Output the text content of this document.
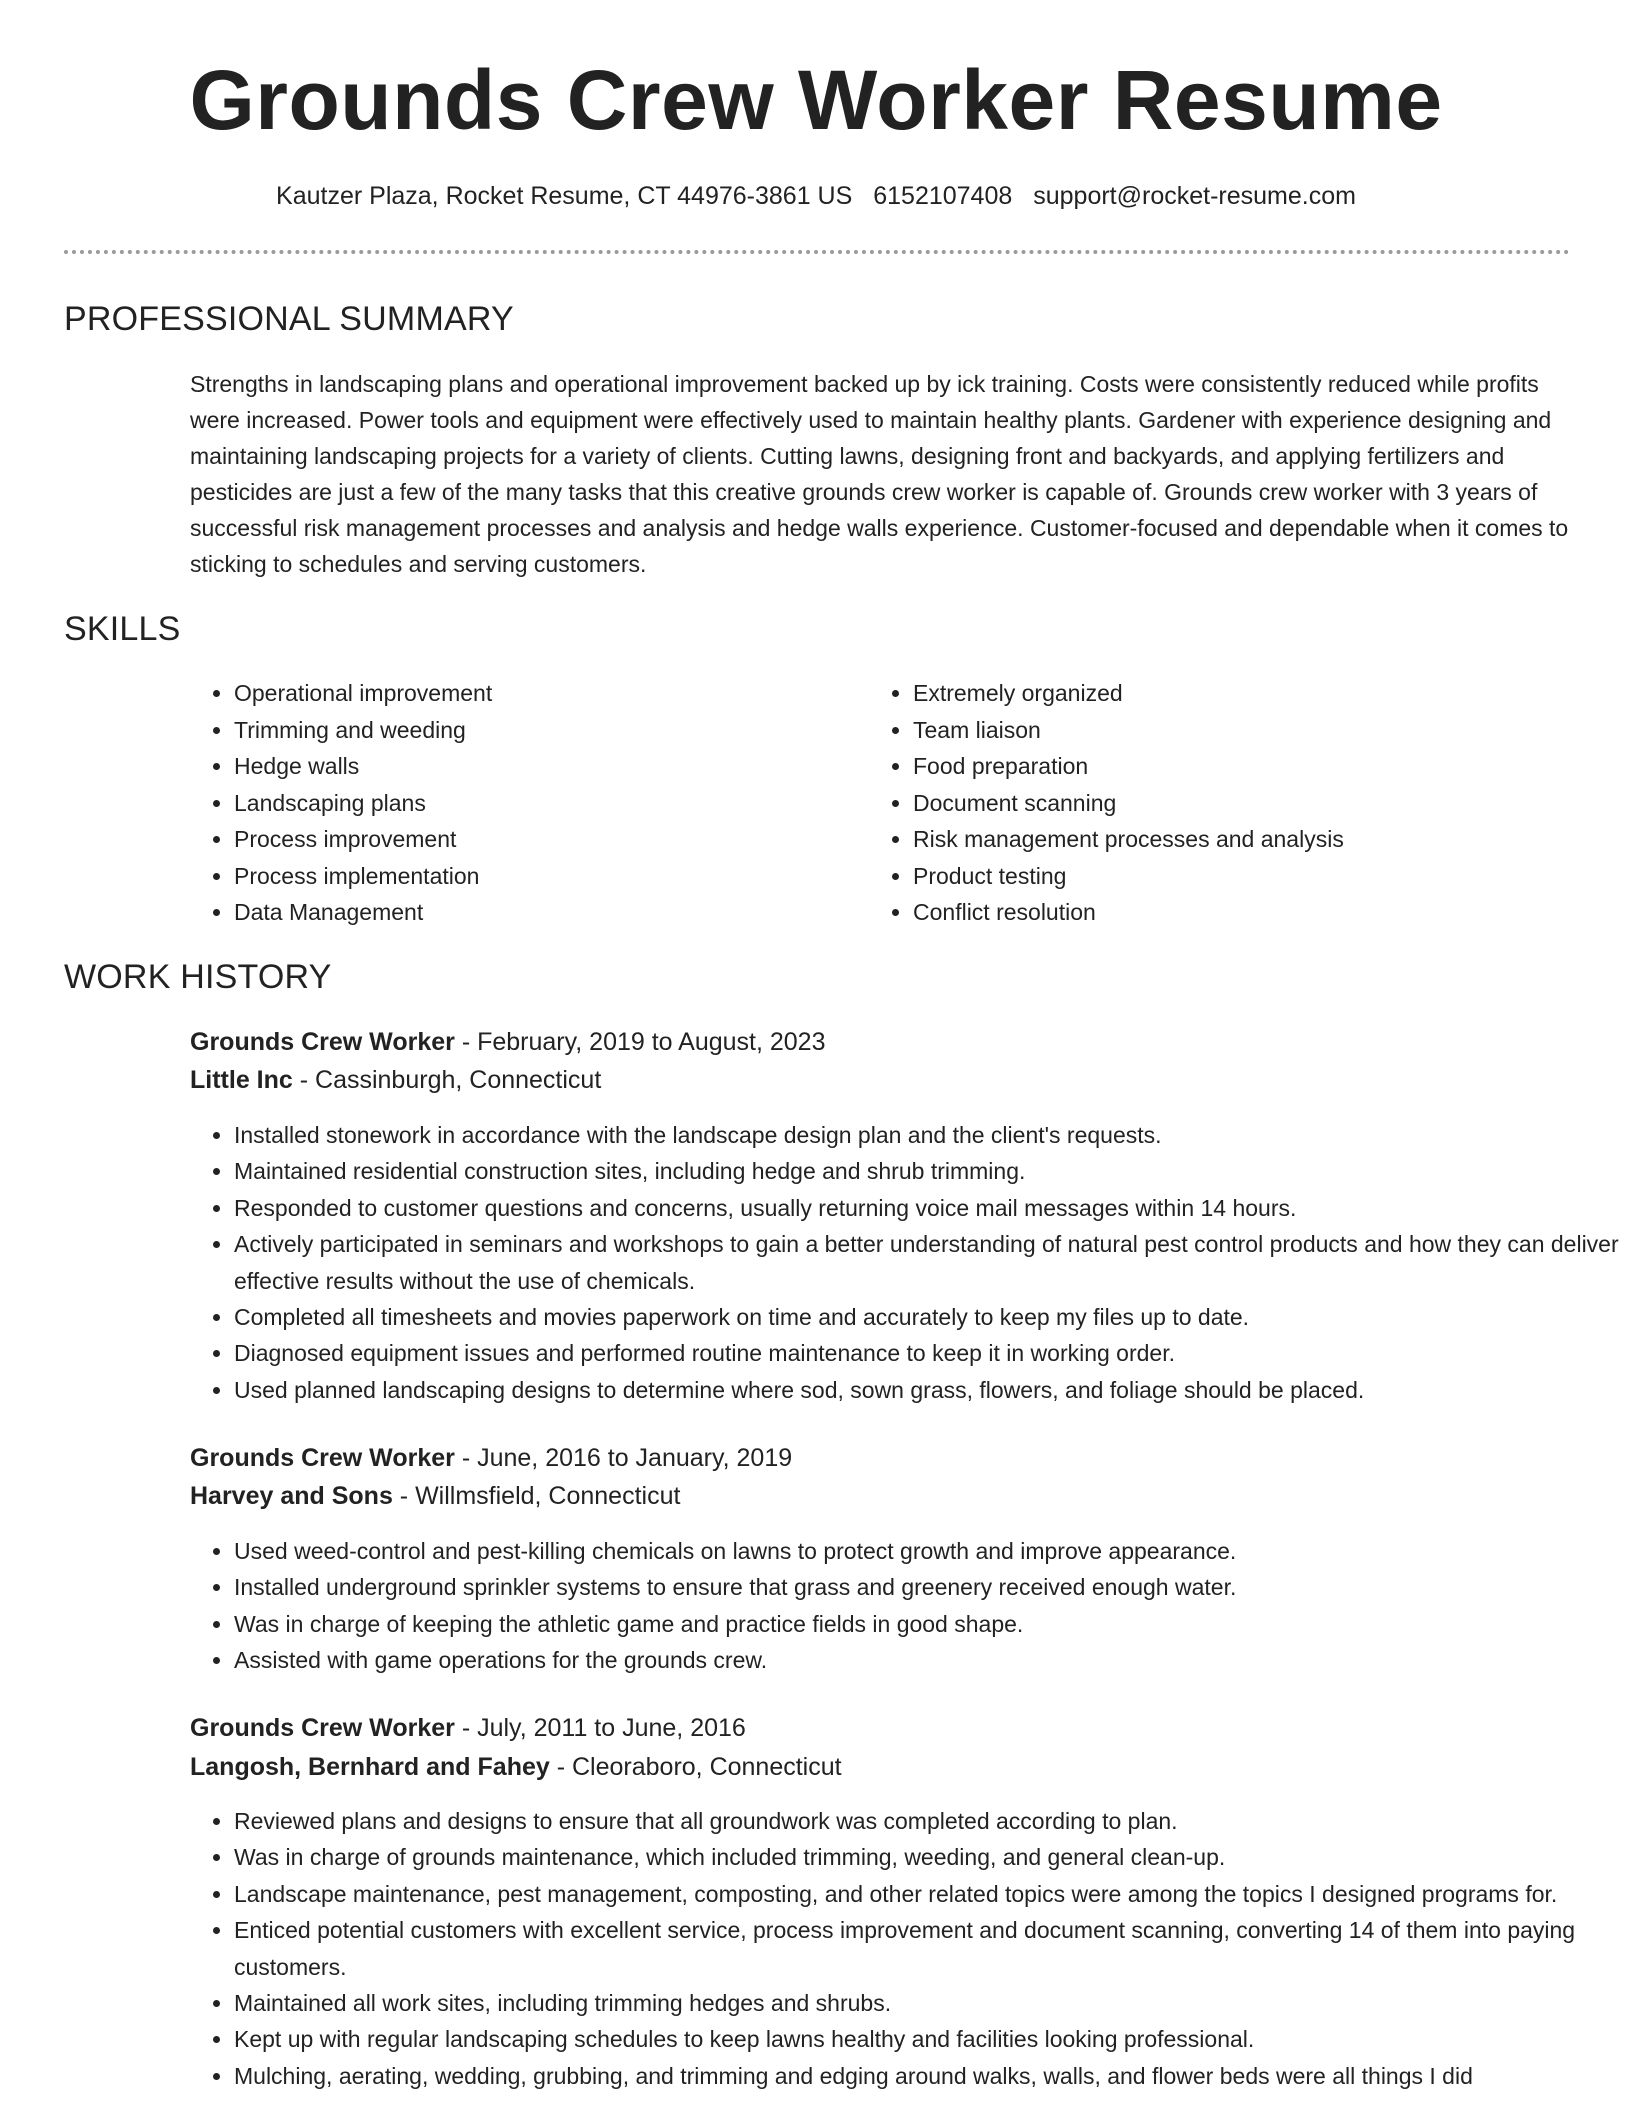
Grounds Crew Worker Resume
Kautzer Plaza, Rocket Resume, CT 44976-3861 US 6152107408 support@rocket-resume.com
PROFESSIONAL SUMMARY

Strengths in landscaping plans and operational improvement backed up by ick training. Costs were consistently reduced while profits were increased. Power tools and equipment were effectively used to maintain healthy plants. Gardener with experience designing and maintaining landscaping projects for a variety of clients. Cutting lawns, designing front and backyards, and applying fertilizers and pesticides are just a few of the many tasks that this creative grounds crew worker is capable of. Grounds crew worker with 3 years of successful risk management processes and analysis and hedge walls experience. Customer-focused and dependable when it comes to sticking to schedules and serving customers.

SKILLS
• Operational improvement
• Trimming and weeding
• Hedge walls
• Landscaping plans
• Process improvement
• Process implementation
• Data Management
• Extremely organized
• Team liaison
• Food preparation
• Document scanning
• Risk management processes and analysis
• Product testing
• Conflict resolution
WORK HISTORY
Grounds Crew Worker - February, 2019 to August, 2023
Little Inc - Cassinburgh, Connecticut
• Installed stonework in accordance with the landscape design plan and the client's requests.
• Maintained residential construction sites, including hedge and shrub trimming.
• Responded to customer questions and concerns, usually returning voice mail messages within 14 hours.
• Actively participated in seminars and workshops to gain a better understanding of natural pest control products and how they can deliver effective results without the use of chemicals.
• Completed all timesheets and movies paperwork on time and accurately to keep my files up to date.
• Diagnosed equipment issues and performed routine maintenance to keep it in working order.
• Used planned landscaping designs to determine where sod, sown grass, flowers, and foliage should be placed.
Grounds Crew Worker - June, 2016 to January, 2019
Harvey and Sons - Willmsfield, Connecticut
• Used weed-control and pest-killing chemicals on lawns to protect growth and improve appearance.
• Installed underground sprinkler systems to ensure that grass and greenery received enough water.
• Was in charge of keeping the athletic game and practice fields in good shape.
• Assisted with game operations for the grounds crew.
Grounds Crew Worker - July, 2011 to June, 2016
Langosh, Bernhard and Fahey - Cleoraboro, Connecticut
• Reviewed plans and designs to ensure that all groundwork was completed according to plan.
• Was in charge of grounds maintenance, which included trimming, weeding, and general clean-up.
• Landscape maintenance, pest management, composting, and other related topics were among the topics I designed programs for.
• Enticed potential customers with excellent service, process improvement and document scanning, converting 14 of them into paying customers.
• Maintained all work sites, including trimming hedges and shrubs.
• Kept up with regular landscaping schedules to keep lawns healthy and facilities looking professional.
• Mulching, aerating, wedding, grubbing, and trimming and edging around walks, walls, and flower beds were all things I did
